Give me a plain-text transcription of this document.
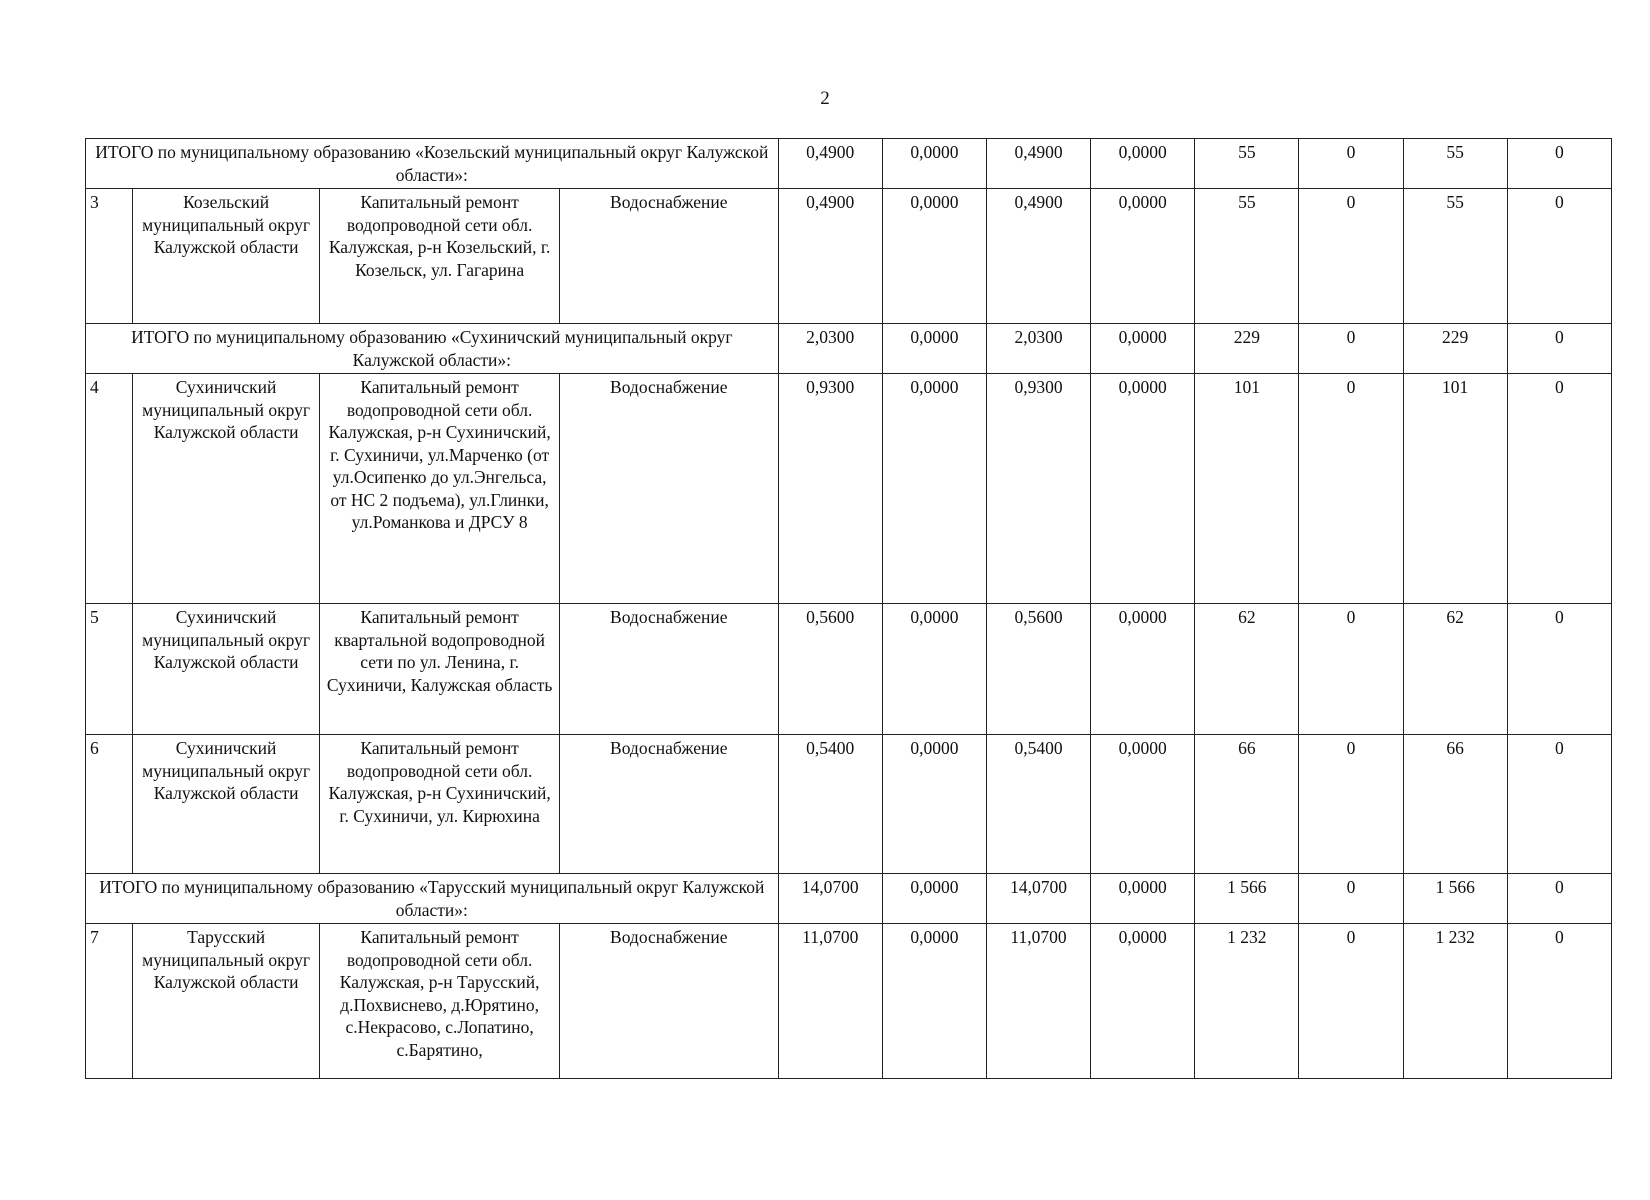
2
ИТОГО по муниципальному образованию «Козельский муниципальный округ Калужской области»:				0,4900	0,0000	0,4900	0,0000	55	0	55	0
3	Козельский муниципальный округ Калужской области	Капитальный ремонт водопроводной сети обл. Калужская, р-н Козельский, г. Козельск, ул. Гагарина	Водоснабжение	0,4900	0,0000	0,4900	0,0000	55	0	55	0
ИТОГО по муниципальному образованию «Сухиничский муниципальный округ Калужской области»:				2,0300	0,0000	2,0300	0,0000	229	0	229	0
4	Сухиничский муниципальный округ Калужской области	Капитальный ремонт водопроводной сети обл. Калужская, р-н Сухиничский, г. Сухиничи, ул.Марченко (от ул.Осипенко до ул.Энгельса, от НС 2 подъема), ул.Глинки, ул.Романкова и ДРСУ 8	Водоснабжение	0,9300	0,0000	0,9300	0,0000	101	0	101	0
5	Сухиничский муниципальный округ Калужской области	Капитальный ремонт квартальной водопроводной сети по ул. Ленина, г. Сухиничи, Калужская область	Водоснабжение	0,5600	0,0000	0,5600	0,0000	62	0	62	0
6	Сухиничский муниципальный округ Калужской области	Капитальный ремонт водопроводной сети обл. Калужская, р-н Сухиничский, г. Сухиничи, ул. Кирюхина	Водоснабжение	0,5400	0,0000	0,5400	0,0000	66	0	66	0
ИТОГО по муниципальному образованию «Тарусский муниципальный округ Калужской области»:				14,0700	0,0000	14,0700	0,0000	1 566	0	1 566	0
7	Тарусский муниципальный округ Калужской области	Капитальный ремонт водопроводной сети обл. Калужская, р-н Тарусский, д.Похвиснево, д.Юрятино, с.Некрасово, с.Лопатино, с.Барятино,	Водоснабжение	11,0700	0,0000	11,0700	0,0000	1 232	0	1 232	0
